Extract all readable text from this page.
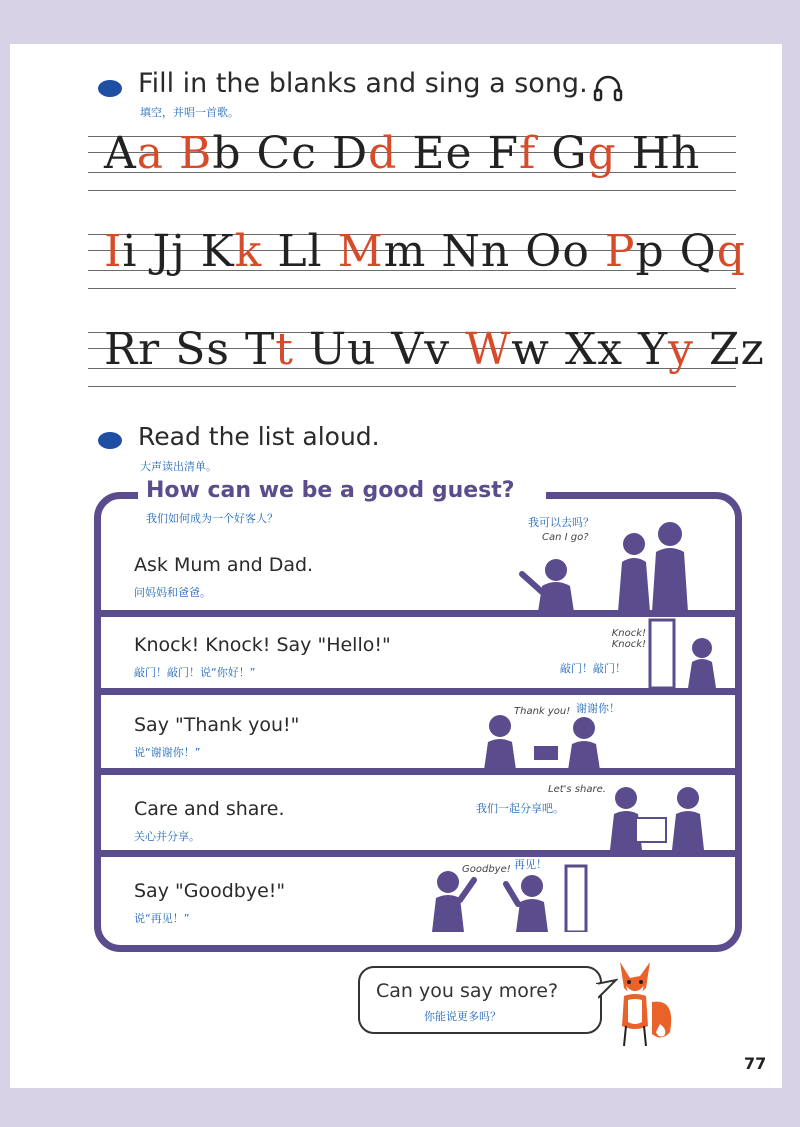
Fill in the blanks and sing a song.
填空，并唱一首歌。
Aa Bb Cc Dd Ee Ff Gg Hh
Ii Jj Kk Ll Mm Nn Oo Pp Qq
Rr Ss Tt Uu Vv Ww Xx Yy Zz
Read the list aloud.
大声读出清单。
How can we be a good guest?
我们如何成为一个好客人？
Ask Mum and Dad.
问妈妈和爸爸。
我可以去吗？
Can I go?
Knock! Knock! Say "Hello!"
敲门！敲门！说“你好！”
Knock! Knock!
敲门！敲门！
Say "Thank you!"
说“谢谢你！”
Thank you! 谢谢你！
Care and share.
关心并分享。
Let's share.
我们一起分享吧。
Say "Goodbye!"
说“再见！”
Goodbye! 再见！
Can you say more?
你能说更多吗？
77
